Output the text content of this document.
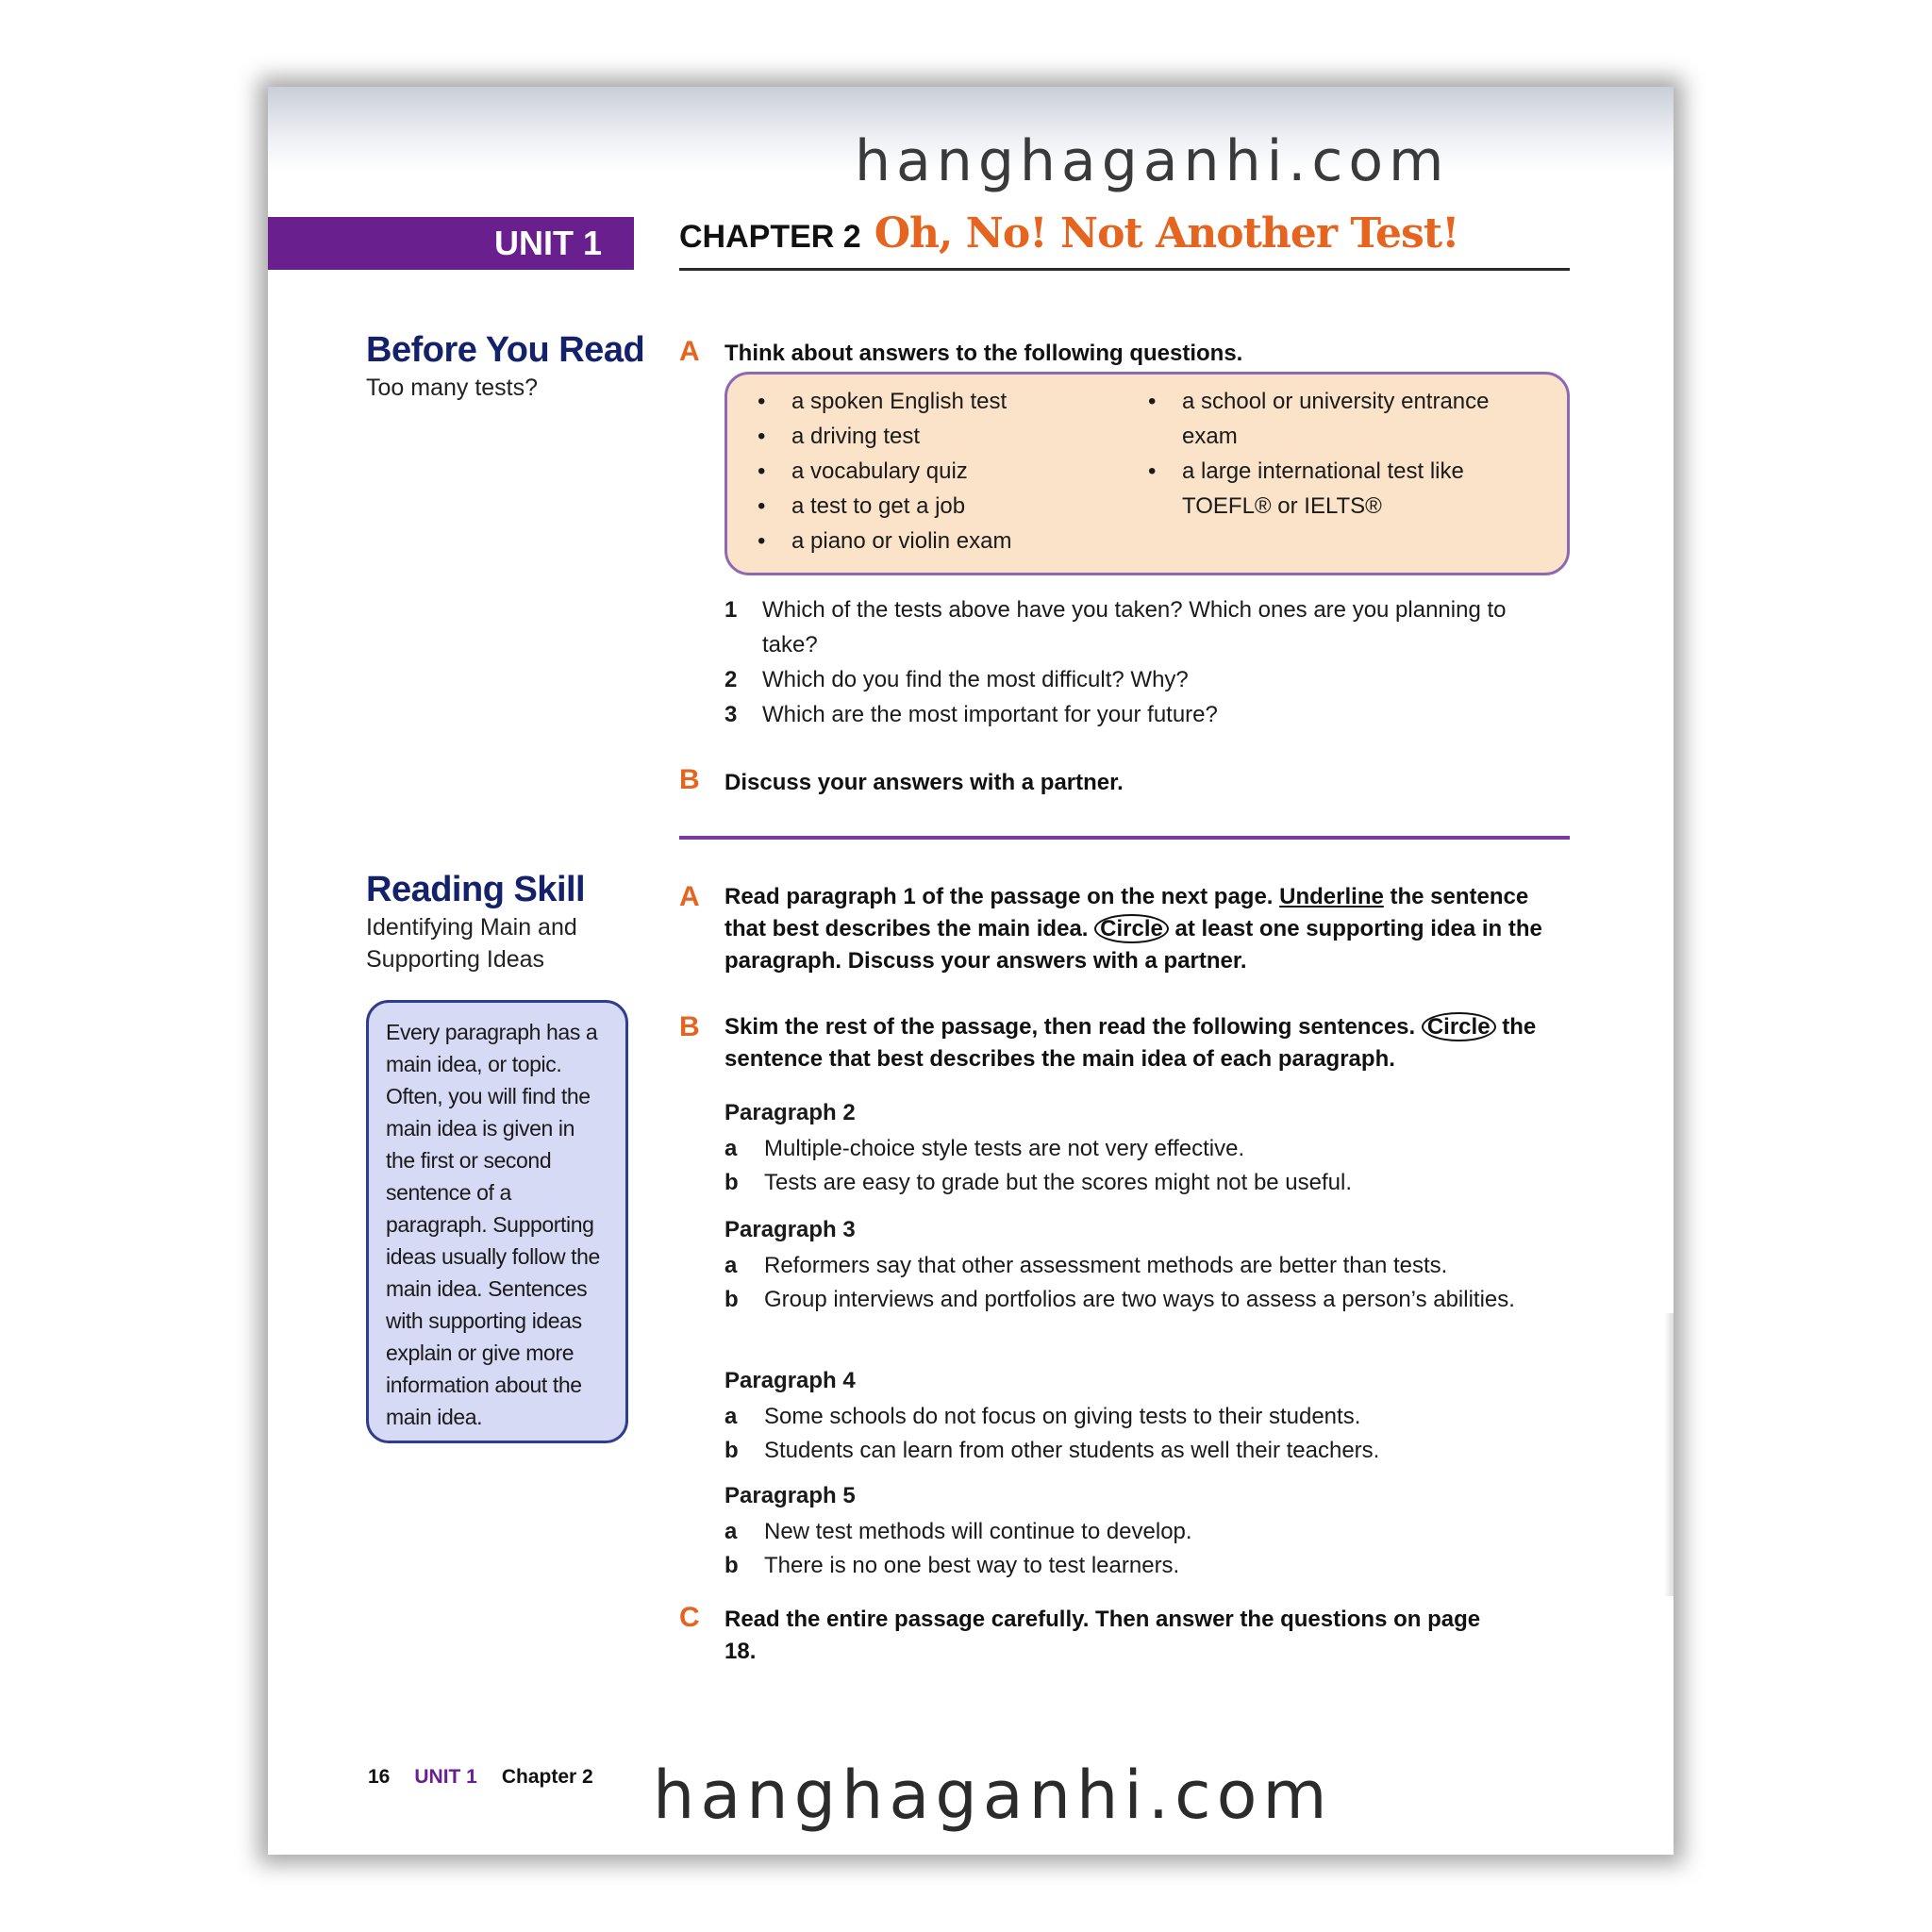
hanghaganhi.com
UNIT 1	CHAPTER 2 Oh, No! Not Another Test!
Before You Read
Too many tests?
A Think about answers to the following questions.
• a spoken English test
• a driving test
• a vocabulary quiz
• a test to get a job
• a piano or violin exam
• a school or university entrance exam
• a large international test like TOEFL® or IELTS®
1 Which of the tests above have you taken? Which ones are you planning to take?
2 Which do you find the most difficult? Why?
3 Which are the most important for your future?
B Discuss your answers with a partner.
Reading Skill
Identifying Main and Supporting Ideas
Every paragraph has a main idea, or topic. Often, you will find the main idea is given in the first or second sentence of a paragraph. Supporting ideas usually follow the main idea. Sentences with supporting ideas explain or give more information about the main idea.
A Read paragraph 1 of the passage on the next page. Underline the sentence that best describes the main idea. Circle at least one supporting idea in the paragraph. Discuss your answers with a partner.
B Skim the rest of the passage, then read the following sentences. Circle the sentence that best describes the main idea of each paragraph.
Paragraph 2
a Multiple-choice style tests are not very effective.
b Tests are easy to grade but the scores might not be useful.
Paragraph 3
a Reformers say that other assessment methods are better than tests.
b Group interviews and portfolios are two ways to assess a person’s abilities.
Paragraph 4
a Some schools do not focus on giving tests to their students.
b Students can learn from other students as well their teachers.
Paragraph 5
a New test methods will continue to develop.
b There is no one best way to test learners.
C Read the entire passage carefully. Then answer the questions on page 18.
16 UNIT 1 Chapter 2 hanghaganhi.com
